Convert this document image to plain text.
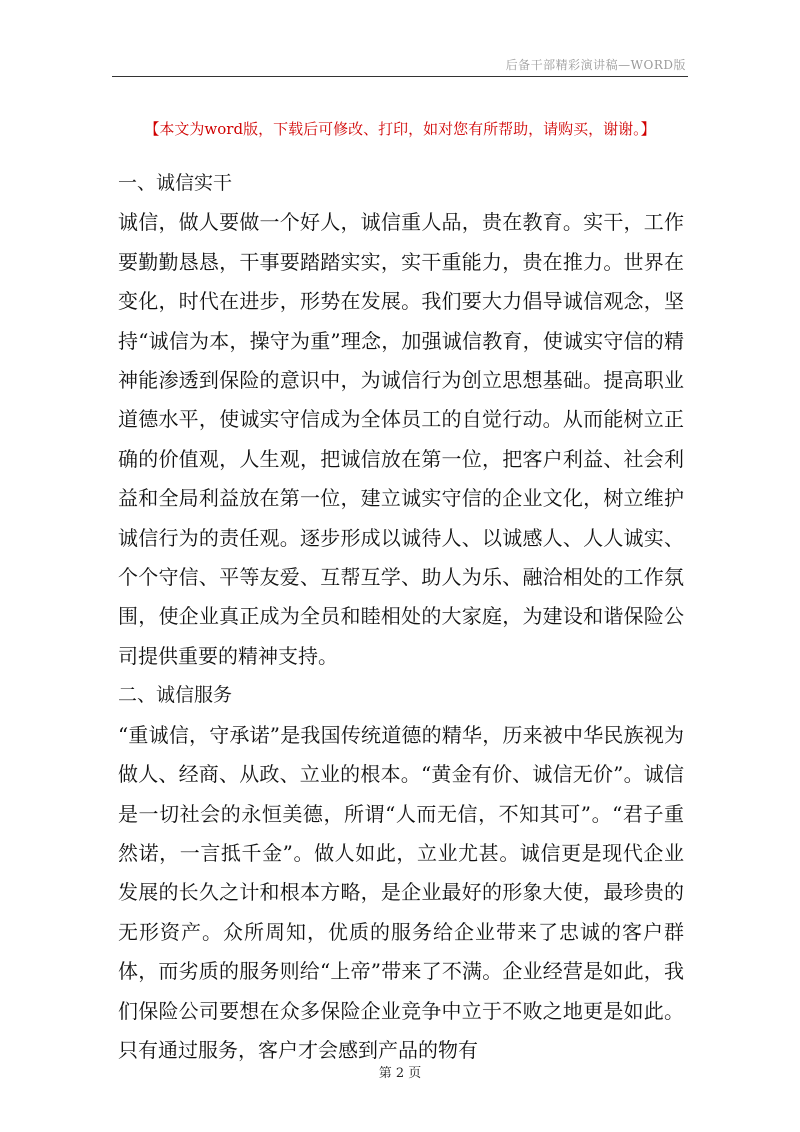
后备干部精彩演讲稿—WORD版
【本文为word版，下载后可修改、打印，如对您有所帮助，请购买，谢谢。】

一、诚信实干

诚信，做人要做一个好人，诚信重人品，贵在教育。实干，工作要勤勤恳恳，干事要踏踏实实，实干重能力，贵在推力。世界在变化，时代在进步，形势在发展。我们要大力倡导诚信观念，坚持“诚信为本，操守为重”理念，加强诚信教育，使诚实守信的精神能渗透到保险的意识中，为诚信行为创立思想基础。提高职业道德水平，使诚实守信成为全体员工的自觉行动。从而能树立正确的价值观，人生观，把诚信放在第一位，把客户利益、社会利益和全局利益放在第一位，建立诚实守信的企业文化，树立维护诚信行为的责任观。逐步形成以诚待人、以诚感人、人人诚实、个个守信、平等友爱、互帮互学、助人为乐、融洽相处的工作氛围，使企业真正成为全员和睦相处的大家庭，为建设和谐保险公司提供重要的精神支持。

二、诚信服务

“重诚信，守承诺”是我国传统道德的精华，历来被中华民族视为做人、经商、从政、立业的根本。“黄金有价、诚信无价”。诚信是一切社会的永恒美德，所谓“人而无信，不知其可”。“君子重然诺，一言抵千金”。做人如此，立业尤甚。诚信更是现代企业发展的长久之计和根本方略，是企业最好的形象大使，最珍贵的无形资产。众所周知，优质的服务给企业带来了忠诚的客户群体，而劣质的服务则给“上帝”带来了不满。企业经营是如此，我们保险公司要想在众多保险企业竞争中立于不败之地更是如此。只有通过服务，客户才会感到产品的物有

第 2 页
